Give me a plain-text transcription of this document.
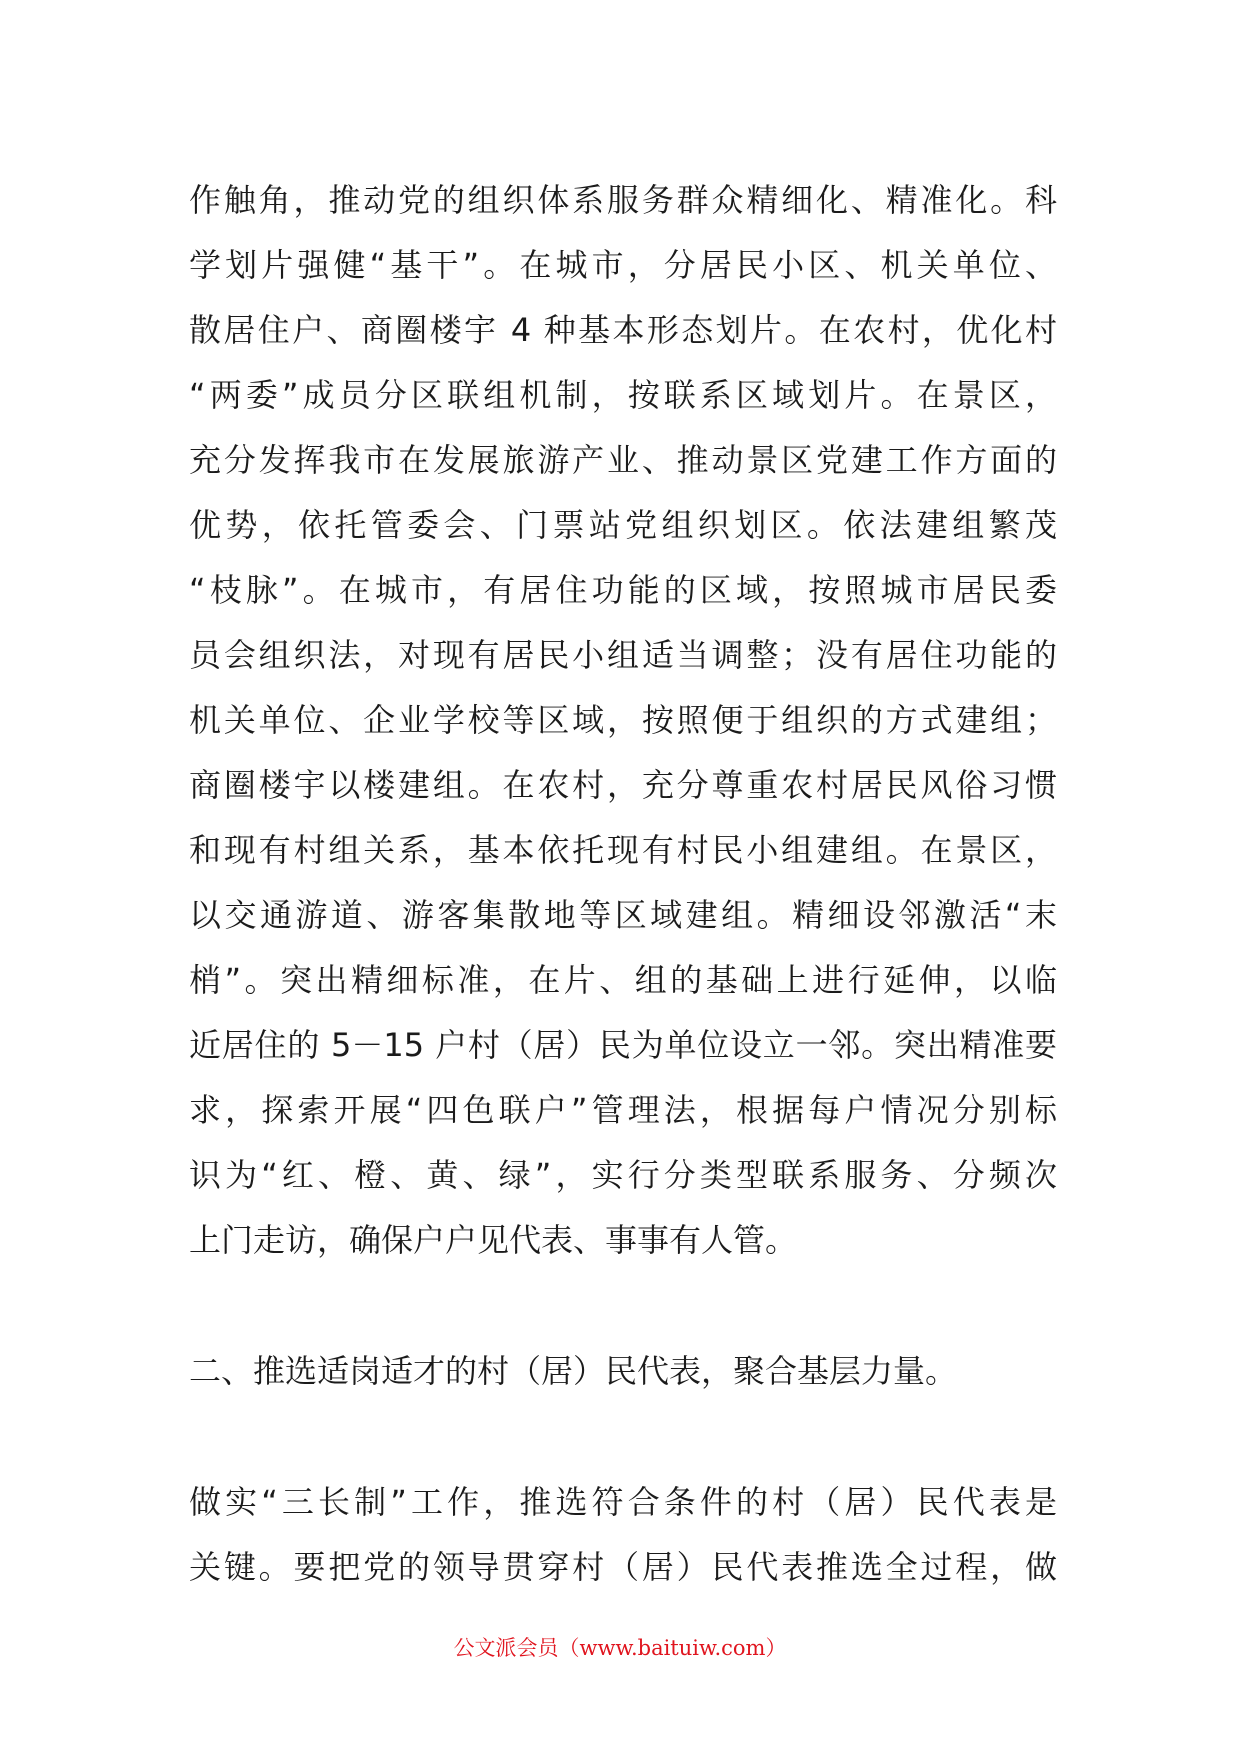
作触角，推动党的组织体系服务群众精细化、精准化。科
学划片强健“基干”。在城市，分居民小区、机关单位、
散居住户、商圈楼宇 4 种基本形态划片。在农村，优化村
“两委”成员分区联组机制，按联系区域划片。在景区，
充分发挥我市在发展旅游产业、推动景区党建工作方面的
优势，依托管委会、门票站党组织划区。依法建组繁茂
“枝脉”。在城市，有居住功能的区域，按照城市居民委
员会组织法，对现有居民小组适当调整；没有居住功能的
机关单位、企业学校等区域，按照便于组织的方式建组；
商圈楼宇以楼建组。在农村，充分尊重农村居民风俗习惯
和现有村组关系，基本依托现有村民小组建组。在景区，
以交通游道、游客集散地等区域建组。精细设邻激活“末
梢”。突出精细标准，在片、组的基础上进行延伸，以临
近居住的 5－15 户村（居）民为单位设立一邻。突出精准要
求，探索开展“四色联户”管理法，根据每户情况分别标
识为“红、橙、黄、绿”，实行分类型联系服务、分频次
上门走访，确保户户见代表、事事有人管。
二、推选适岗适才的村（居）民代表，聚合基层力量。
做实“三长制”工作，推选符合条件的村（居）民代表是
关键。要把党的领导贯穿村（居）民代表推选全过程，做
公文派会员（www.baituiw.com）
